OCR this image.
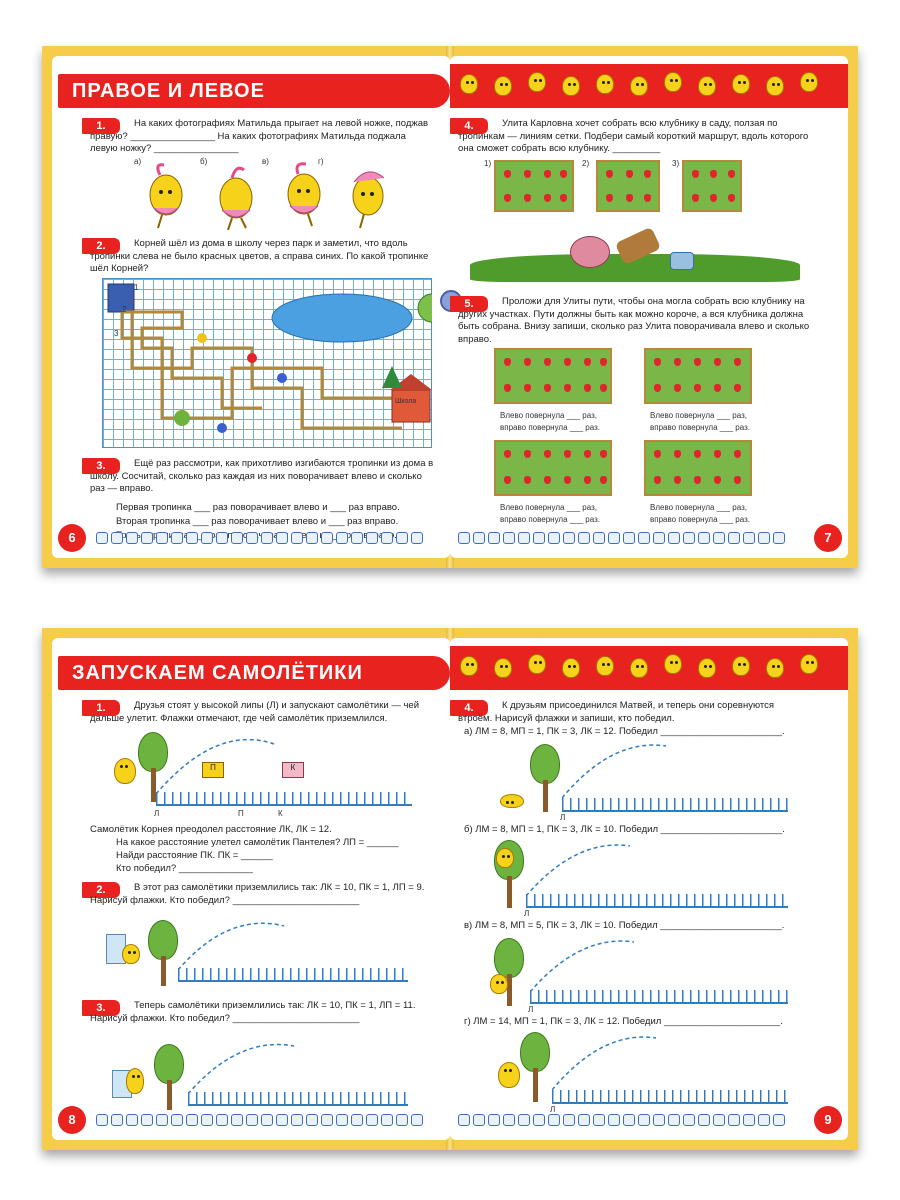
ПРАВОЕ И ЛЕВОЕ
1.	На каких фотографиях Матильда прыгает на левой ножке, поджав правую? ________________ На каких фотографиях Матильда поджала левую ножку? ________________
а)	б)	в)	г)
2.	Корней шёл из дома в школу через парк и заметил, что вдоль тропинки слева не было красных цветов, а справа синих. По какой тропинке шёл Корней?
1
2
3
Школа
3.	Ещё раз рассмотри, как прихотливо изгибаются тропинки из дома в школу. Сосчитай, сколько раз каждая из них поворачивает влево и сколько раз — вправо.
Первая тропинка ___ раз поворачивает влево и ___ раз вправо.
Вторая тропинка ___ раз поворачивает влево и ___ раз вправо.
тропинка ___ влево
6
4.	Улита Карловна хочет собрать всю клубнику в саду, ползая по тропинкам — линиям сетки. Подбери самый короткий маршрут, вдоль которого она сможет собрать всю клубнику. _________
1)	2)	3)
5.	Проложи для Улиты пути, чтобы она могла собрать всю клубнику на других участках. Пути должны быть как можно короче, а вся клубника должна быть собрана. Внизу запиши, сколько раз Улита поворачивала влево и сколько вправо.
Влево повернула ___ раз,
вправо повернула ___ раз.
Влево повернула ___ раз,
вправо повернула ___ раз.
Влево повернула ___ раз,
вправо повернула ___ раз.
Влево повернула ___ раз,
вправо повернула ___ раз.
7
ЗАПУСКАЕМ САМОЛЁТИКИ
1.	Друзья стоят у высокой липы (Л) и запускают самолётики — чей дальше улетит. Флажки отмечают, где чей самолётик приземлился.
П	К
Л	П	К
Самолётик Корнея преодолел расстояние ЛК, ЛК = 12.
На какое расстояние улетел самолётик Пантелея? ЛП = ______
Найди расстояние ПК. ПК = ______
Кто победил? ______________
2.	В этот раз самолётики приземлились так: ЛК = 10, ПК = 1, ЛП = 9. Нарисуй флажки. Кто победил? ________________________
3.	Теперь самолётики приземлились так: ЛК = 10, ПК = 1, ЛП = 11. Нарисуй флажки. Кто победил? ________________________
8
4.	К друзьям присоединился Матвей, и теперь они соревнуются втроём. Нарисуй флажки и запиши, кто победил.
а) ЛМ = 8, МП = 1, ПК = 3, ЛК = 12. Победил _______________________.
Л
б) ЛМ = 8, МП = 1, ПК = 3, ЛК = 10. Победил _______________________.
Л
в) ЛМ = 8, МП = 5, ПК = 3, ЛК = 10. Победил _______________________.
Л
г) ЛМ = 14, МП = 1, ПК = 3, ЛК = 12. Победил ______________________.
Л
9
